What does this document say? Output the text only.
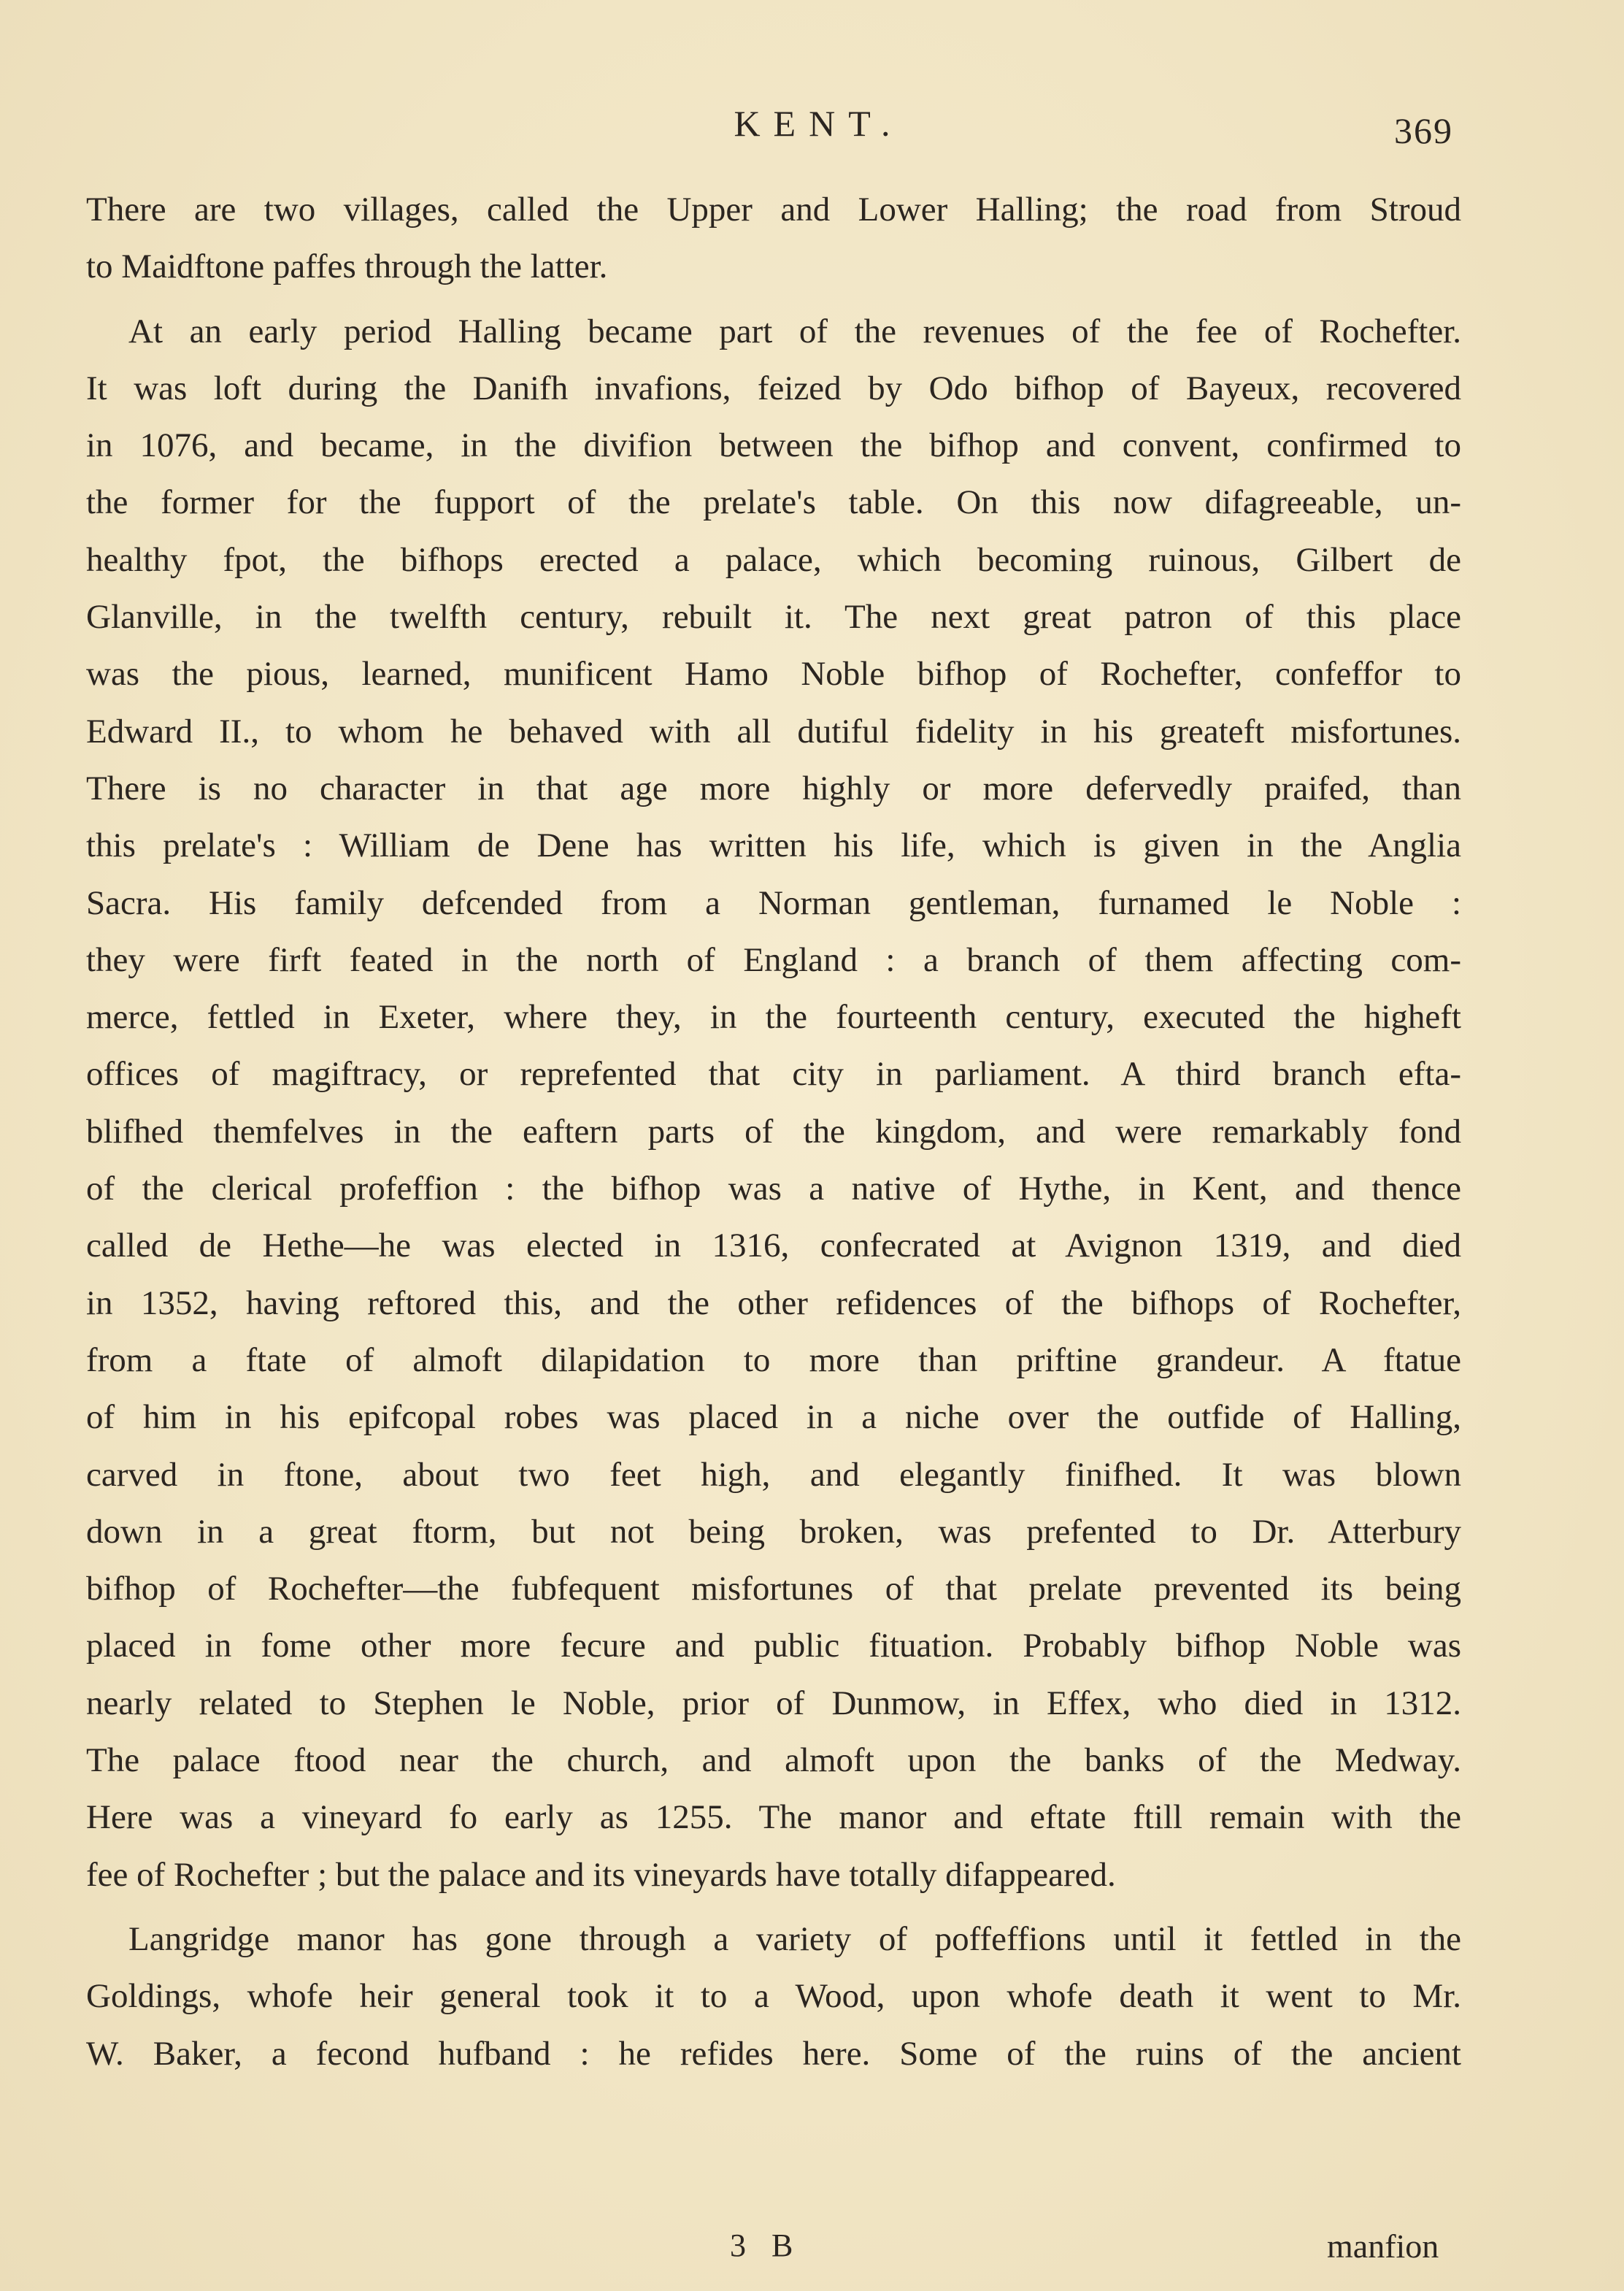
KENT.	369
There are two villages, called the Upper and Lower Halling; the road from Stroud
to Maidftone paffes through the latter.
At an early period Halling became part of the revenues of the fee of Rochefter.
It was loft during the Danifh invafions, feized by Odo bifhop of Bayeux, recovered
in 1076, and became, in the divifion between the bifhop and convent, confirmed to
the former for the fupport of the prelate's table. On this now difagreeable, un-
healthy fpot, the bifhops erected a palace, which becoming ruinous, Gilbert de
Glanville, in the twelfth century, rebuilt it. The next great patron of this place
was the pious, learned, munificent Hamo Noble bifhop of Rochefter, confeffor to
Edward II., to whom he behaved with all dutiful fidelity in his greateft misfortunes.
There is no character in that age more highly or more defervedly praifed, than
this prelate's : William de Dene has written his life, which is given in the Anglia
Sacra. His family defcended from a Norman gentleman, furnamed le Noble :
they were firft feated in the north of England : a branch of them affecting com-
merce, fettled in Exeter, where they, in the fourteenth century, executed the higheft
offices of magiftracy, or reprefented that city in parliament. A third branch efta-
blifhed themfelves in the eaftern parts of the kingdom, and were remarkably fond
of the clerical profeffion : the bifhop was a native of Hythe, in Kent, and thence
called de Hethe—he was elected in 1316, confecrated at Avignon 1319, and died
in 1352, having reftored this, and the other refidences of the bifhops of Rochefter,
from a ftate of almoft dilapidation to more than priftine grandeur. A ftatue
of him in his epifcopal robes was placed in a niche over the outfide of Halling,
carved in ftone, about two feet high, and elegantly finifhed. It was blown
down in a great ftorm, but not being broken, was prefented to Dr. Atterbury
bifhop of Rochefter—the fubfequent misfortunes of that prelate prevented its being
placed in fome other more fecure and public fituation. Probably bifhop Noble was
nearly related to Stephen le Noble, prior of Dunmow, in Effex, who died in 1312.
The palace ftood near the church, and almoft upon the banks of the Medway.
Here was a vineyard fo early as 1255. The manor and eftate ftill remain with the
fee of Rochefter ; but the palace and its vineyards have totally difappeared.
Langridge manor has gone through a variety of poffeffions until it fettled in the
Goldings, whofe heir general took it to a Wood, upon whofe death it went to Mr.
W. Baker, a fecond hufband : he refides here. Some of the ruins of the ancient
3 B	manfion
